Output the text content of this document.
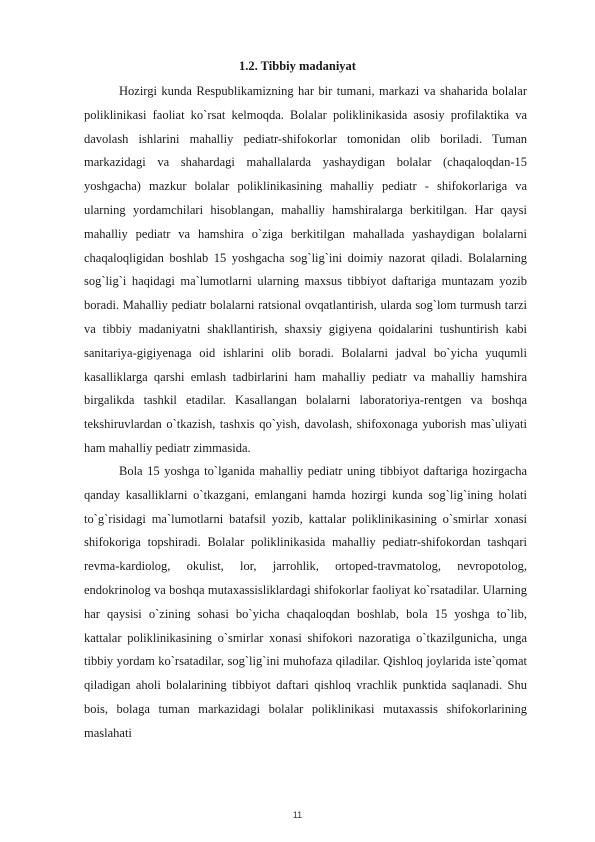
1.2. Tibbiy madaniyat

Hozirgi kunda Respublikamizning har bir tumani, markazi va shaharida bolalar poliklinikasi faoliat ko`rsat kelmoqda. Bolalar poliklinikasida asosiy profilaktika va davolash ishlarini mahalliy pediatr-shifokorlar tomonidan olib boriladi. Tuman markazidagi va shahardagi mahallalarda yashaydigan bolalar (chaqaloqdan-15 yoshgacha) mazkur bolalar poliklinikasining mahalliy pediatr - shifokorlariga va ularning yordamchilari hisoblangan, mahalliy hamshiralarga berkitilgan. Har qaysi mahalliy pediatr va hamshira o`ziga berkitilgan mahallada yashaydigan bolalarni chaqaloqligidan boshlab 15 yoshgacha sog`lig`ini doimiy nazorat qiladi. Bolalarning sog`lig`i haqidagi ma`lumotlarni ularning maxsus tibbiyot daftariga muntazam yozib boradi. Mahalliy pediatr bolalarni ratsional ovqatlantirish, ularda sog`lom turmush tarzi va tibbiy madaniyatni shakllantirish, shaxsiy gigiyena qoidalarini tushuntirish kabi sanitariya-gigiyenaga oid ishlarini olib boradi. Bolalarni jadval bo`yicha yuqumli kasalliklarga qarshi emlash tadbirlarini ham mahalliy pediatr va mahalliy hamshira birgalikda tashkil etadilar. Kasallangan bolalarni laboratoriya-rentgen va boshqa tekshiruvlardan o`tkazish, tashxis qo`yish, davolash, shifoxonaga yuborish mas`uliyati ham mahalliy pediatr zimmasida.

Bola 15 yoshga to`lganida mahalliy pediatr uning tibbiyot daftariga hozirgacha qanday kasalliklarni o`tkazgani, emlangani hamda hozirgi kunda sog`lig`ining holati to`g`risidagi ma`lumotlarni batafsil yozib, kattalar poliklinikasining o`smirlar xonasi shifokoriga topshiradi. Bolalar poliklinikasida mahalliy pediatr-shifokordan tashqari revma-kardiolog, okulist, lor, jarrohlik, ortoped-travmatolog, nevropotolog, endokrinolog va boshqa mutaxassisliklardagi shifokorlar faoliyat ko`rsatadilar. Ularning har qaysisi o`zining sohasi bo`yicha chaqaloqdan boshlab, bola 15 yoshga to`lib, kattalar poliklinikasining o`smirlar xonasi shifokori nazoratiga o`tkazilgunicha, unga tibbiy yordam ko`rsatadilar, sog`lig`ini muhofaza qiladilar. Qishloq joylarida iste`qomat qiladigan aholi bolalarining tibbiyot daftari qishloq vrachlik punktida saqlanadi. Shu bois, bolaga tuman markazidagi bolalar poliklinikasi mutaxassis shifokorlarining maslahati

11
